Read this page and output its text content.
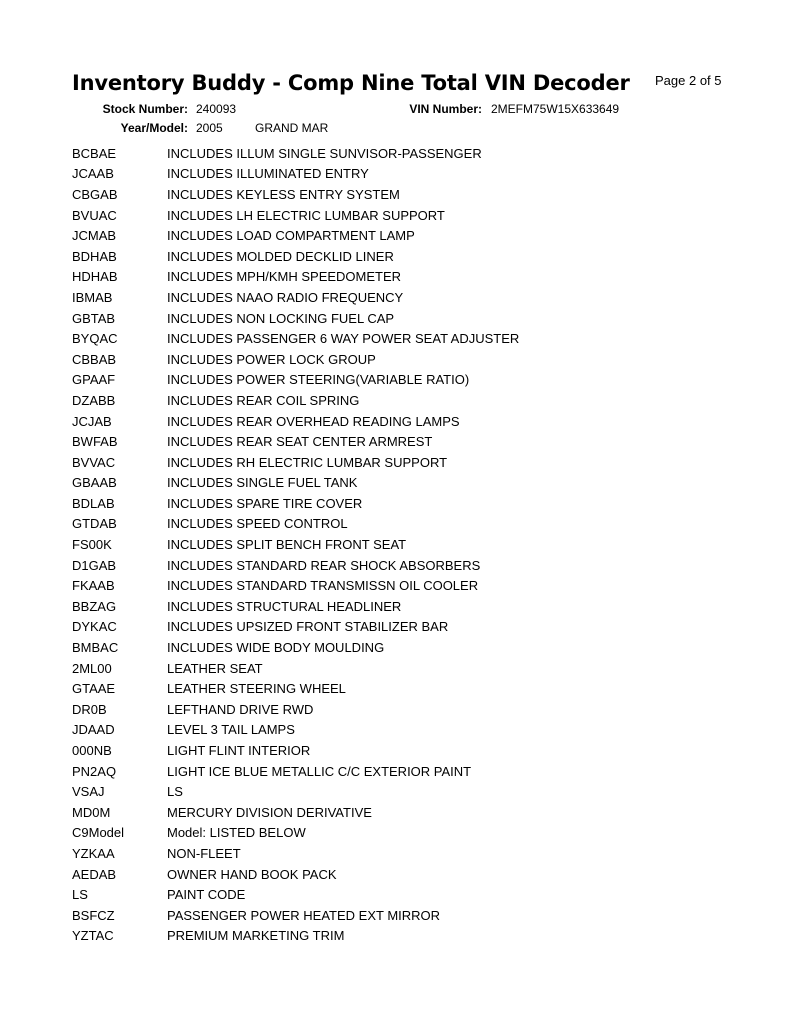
Inventory Buddy - Comp Nine Total VIN Decoder Page 2 of 5
Stock Number: 240093	VIN Number: 2MEFM75W15X633649
Year/Model: 2005	GRAND MAR
BCBAE	INCLUDES ILLUM SINGLE SUNVISOR-PASSENGER
JCAAB	INCLUDES ILLUMINATED ENTRY
CBGAB	INCLUDES KEYLESS ENTRY SYSTEM
BVUAC	INCLUDES LH ELECTRIC LUMBAR SUPPORT
JCMAB	INCLUDES LOAD COMPARTMENT LAMP
BDHAB	INCLUDES MOLDED DECKLID LINER
HDHAB	INCLUDES MPH/KMH SPEEDOMETER
IBMAB	INCLUDES NAAO RADIO FREQUENCY
GBTAB	INCLUDES NON LOCKING FUEL CAP
BYQAC	INCLUDES PASSENGER 6 WAY POWER SEAT ADJUSTER
CBBAB	INCLUDES POWER LOCK GROUP
GPAAF	INCLUDES POWER STEERING(VARIABLE RATIO)
DZABB	INCLUDES REAR COIL SPRING
JCJAB	INCLUDES REAR OVERHEAD READING LAMPS
BWFAB	INCLUDES REAR SEAT CENTER ARMREST
BVVAC	INCLUDES RH ELECTRIC LUMBAR SUPPORT
GBAAB	INCLUDES SINGLE FUEL TANK
BDLAB	INCLUDES SPARE TIRE COVER
GTDAB	INCLUDES SPEED CONTROL
FS00K	INCLUDES SPLIT BENCH FRONT SEAT
D1GAB	INCLUDES STANDARD REAR SHOCK ABSORBERS
FKAAB	INCLUDES STANDARD TRANSMISSN OIL COOLER
BBZAG	INCLUDES STRUCTURAL HEADLINER
DYKAC	INCLUDES UPSIZED FRONT STABILIZER BAR
BMBAC	INCLUDES WIDE BODY MOULDING
2ML00	LEATHER SEAT
GTAAE	LEATHER STEERING WHEEL
DR0B	LEFTHAND DRIVE RWD
JDAAD	LEVEL 3 TAIL LAMPS
000NB	LIGHT FLINT INTERIOR
PN2AQ	LIGHT ICE BLUE METALLIC C/C EXTERIOR PAINT
VSAJ	LS
MD0M	MERCURY DIVISION DERIVATIVE
C9Model	Model: LISTED BELOW
YZKAA	NON-FLEET
AEDAB	OWNER HAND BOOK PACK
LS	PAINT CODE
BSFCZ	PASSENGER POWER HEATED EXT MIRROR
YZTAC	PREMIUM MARKETING TRIM
